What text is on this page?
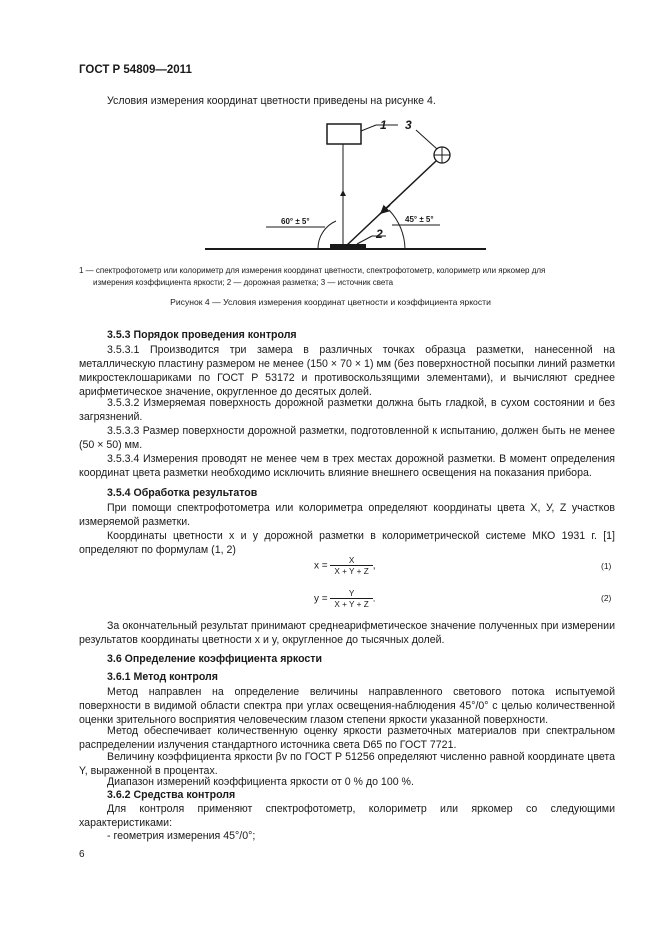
ГОСТ Р 54809—2011
Условия измерения координат цветности приведены на рисунке 4.
1 3
2
60° ± 5°	45° ± 5°
1 — спектрофотометр или колориметр для измерения координат цветности, спектрофотометр, колориметр или яркомер для
измерения коэффициента яркости; 2 — дорожная разметка; 3 — источник света
Рисунок 4 — Условия измерения координат цветности и коэффициента яркости
3.5.3 Порядок проведения контроля
3.5.3.1 Производится три замера в различных точках образца разметки, нанесенной на металлическую пластину размером не менее (150 × 70 × 1) мм (без поверхностной посыпки линий разметки микростеклошариками по ГОСТ Р 53172 и противоскользящими элементами), и вычисляют среднее арифметическое значение, округленное до десятых долей.
3.5.3.2 Измеряемая поверхность дорожной разметки должна быть гладкой, в сухом состоянии и без загрязнений.
3.5.3.3 Размер поверхности дорожной разметки, подготовленной к испытанию, должен быть не менее (50 × 50) мм.
3.5.3.4 Измерения проводят не менее чем в трех местах дорожной разметки. В момент определения координат цвета разметки необходимо исключить влияние внешнего освещения на показания прибора.
3.5.4 Обработка результатов
При помощи спектрофотометра или колориметра определяют координаты цвета X, У, Z участков измеряемой разметки.
Координаты цветности x и y дорожной разметки в колориметрической системе МКО 1931 г. [1] определяют по формулам (1, 2)
$x = \frac{X}{X + Y + Z}$ ,	(1)
$y = \frac{Y}{X + Y + Z}$ .	(2)
За окончательный результат принимают среднеарифметическое значение полученных при измерении результатов координаты цветности x и y, округленное до тысячных долей.
3.6 Определение коэффициента яркости
3.6.1 Метод контроля
Метод направлен на определение величины направленного светового потока испытуемой поверхности в видимой области спектра при углах освещения-наблюдения 45°/0° с целью количественной оценки зрительного восприятия человеческим глазом степени яркости указанной поверхности.
Метод обеспечивает количественную оценку яркости разметочных материалов при спектральном распределении излучения стандартного источника света D65 по ГОСТ 7721.
Величину коэффициента яркости βv по ГОСТ Р 51256 определяют численно равной координате цвета Y, выраженной в процентах.
Диапазон измерений коэффициента яркости от 0 % до 100 %.
3.6.2 Средства контроля
Для контроля применяют спектрофотометр, колориметр или яркомер со следующими характеристиками:
- геометрия измерения 45°/0°;
6
